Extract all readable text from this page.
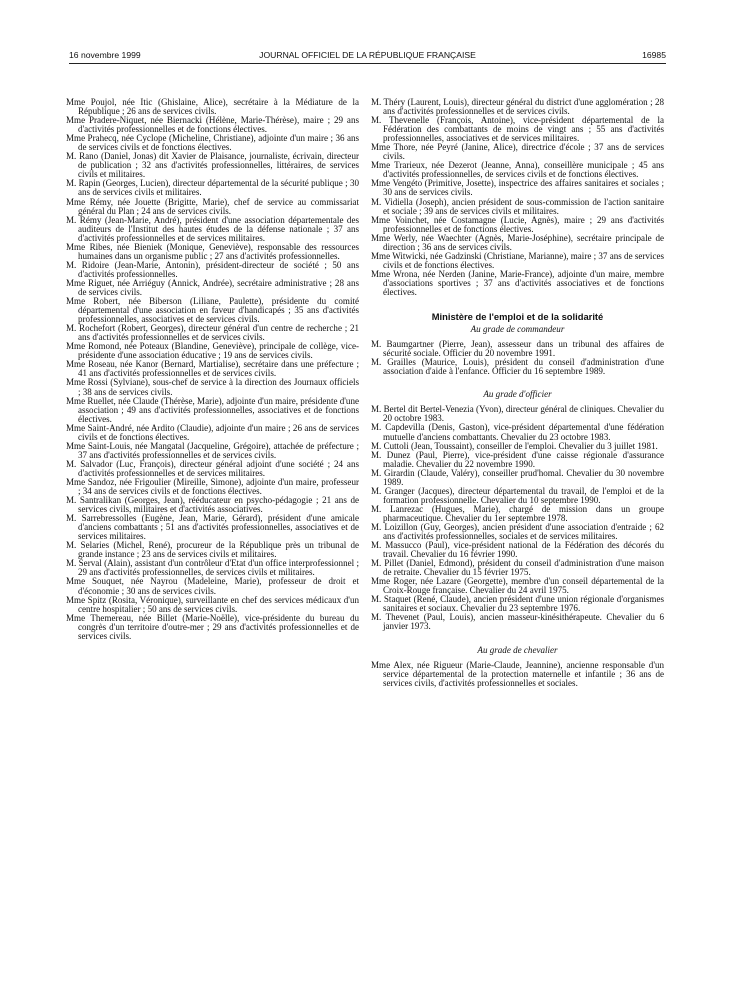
16 novembre 1999	JOURNAL OFFICIEL DE LA RÉPUBLIQUE FRANÇAISE	16985

Mme Poujol, née Itic (Ghislaine, Alice), secrétaire à la Médiature de la République ; 26 ans de services civils.

Mme Pradere-Niquet, née Biernacki (Hélène, Marie-Thérèse), maire ; 29 ans d'activités professionnelles et de fonctions électives.

Mme Prahecq, née Cyclope (Micheline, Christiane), adjointe d'un maire ; 36 ans de services civils et de fonctions électives.

M. Rano (Daniel, Jonas) dit Xavier de Plaisance, journaliste, écrivain, directeur de publication ; 32 ans d'activités professionnelles, littéraires, de services civils et militaires.

M. Rapin (Georges, Lucien), directeur départemental de la sécurité publique ; 30 ans de services civils et militaires.

Mme Rémy, née Jouette (Brigitte, Marie), chef de service au commissariat général du Plan ; 24 ans de services civils.

M. Rémy (Jean-Marie, André), président d'une association départementale des auditeurs de l'Institut des hautes études de la défense nationale ; 37 ans d'activités professionnelles et de services militaires.

Mme Ribes, née Bieniek (Monique, Geneviève), responsable des ressources humaines dans un organisme public ; 27 ans d'activités professionnelles.

M. Ridoire (Jean-Marie, Antonin), président-directeur de société ; 50 ans d'activités professionnelles.

Mme Riguet, née Arriéguy (Annick, Andrée), secrétaire administrative ; 28 ans de services civils.

Mme Robert, née Biberson (Liliane, Paulette), présidente du comité départemental d'une association en faveur d'handicapés ; 35 ans d'activités professionnelles, associatives et de services civils.

M. Rochefort (Robert, Georges), directeur général d'un centre de recherche ; 21 ans d'activités professionnelles et de services civils.

Mme Romond, née Poteaux (Blandine, Geneviève), principale de collège, vice-présidente d'une association éducative ; 19 ans de services civils.

Mme Roseau, née Kanor (Bernard, Martialise), secrétaire dans une préfecture ; 41 ans d'activités professionnelles et de services civils.

Mme Rossi (Sylviane), sous-chef de service à la direction des Journaux officiels ; 38 ans de services civils.

Mme Ruellet, née Claude (Thérèse, Marie), adjointe d'un maire, présidente d'une association ; 49 ans d'activités professionnelles, associatives et de fonctions électives.

Mme Saint-André, née Ardito (Claudie), adjointe d'un maire ; 26 ans de services civils et de fonctions électives.

Mme Saint-Louis, née Mangatal (Jacqueline, Grégoire), attachée de préfecture ; 37 ans d'activités professionnelles et de services civils.

M. Salvador (Luc, François), directeur général adjoint d'une société ; 24 ans d'activités professionnelles et de services militaires.

Mme Sandoz, née Frigoulier (Mireille, Simone), adjointe d'un maire, professeur ; 34 ans de services civils et de fonctions électives.

M. Santralikan (Georges, Jean), rééducateur en psycho-pédagogie ; 21 ans de services civils, militaires et d'activités associatives.

M. Sarrebressolles (Eugène, Jean, Marie, Gérard), président d'une amicale d'anciens combattants ; 51 ans d'activités professionnelles, associatives et de services militaires.

M. Selaries (Michel, René), procureur de la République près un tribunal de grande instance ; 23 ans de services civils et militaires.

M. Serval (Alain), assistant d'un contrôleur d'Etat d'un office interprofessionnel ; 29 ans d'activités professionnelles, de services civils et militaires.

Mme Souquet, née Nayrou (Madeleine, Marie), professeur de droit et d'économie ; 30 ans de services civils.

Mme Spitz (Rosita, Véronique), surveillante en chef des services médicaux d'un centre hospitalier ; 50 ans de services civils.

Mme Themereau, née Billet (Marie-Noëlle), vice-présidente du bureau du congrès d'un territoire d'outre-mer ; 29 ans d'activités professionnelles et de services civils.

M. Théry (Laurent, Louis), directeur général du district d'une agglomération ; 28 ans d'activités professionnelles et de services civils.

M. Thevenelle (François, Antoine), vice-président départemental de la Fédération des combattants de moins de vingt ans ; 55 ans d'activités professionnelles, associatives et de services militaires.

Mme Thore, née Peyré (Janine, Alice), directrice d'école ; 37 ans de services civils.

Mme Trarieux, née Dezerot (Jeanne, Anna), conseillère municipale ; 45 ans d'activités professionnelles, de services civils et de fonctions électives.

Mme Vengéto (Primitive, Josette), inspectrice des affaires sanitaires et sociales ; 30 ans de services civils.

M. Vidiella (Joseph), ancien président de sous-commission de l'action sanitaire et sociale ; 39 ans de services civils et militaires.

Mme Voinchet, née Costamagne (Lucie, Agnès), maire ; 29 ans d'activités professionnelles et de fonctions électives.

Mme Werly, née Waechter (Agnès, Marie-Joséphine), secrétaire principale de direction ; 36 ans de services civils.

Mme Witwicki, née Gadzinski (Christiane, Marianne), maire ; 37 ans de services civils et de fonctions électives.

Mme Wrona, née Nerden (Janine, Marie-France), adjointe d'un maire, membre d'associations sportives ; 37 ans d'activités associatives et de fonctions électives.

Ministère de l'emploi et de la solidarité
Au grade de commandeur

M. Baumgartner (Pierre, Jean), assesseur dans un tribunal des affaires de sécurité sociale. Officier du 20 novembre 1991.

M. Grailles (Maurice, Louis), président du conseil d'administration d'une association d'aide à l'enfance. Officier du 16 septembre 1989.

Au grade d'officier

M. Bertel dit Bertel-Venezia (Yvon), directeur général de cliniques. Chevalier du 20 octobre 1983.

M. Capdevilla (Denis, Gaston), vice-président départemental d'une fédération mutuelle d'anciens combattants. Chevalier du 23 octobre 1983.

M. Cuttoli (Jean, Toussaint), conseiller de l'emploi. Chevalier du 3 juillet 1981.

M. Dunez (Paul, Pierre), vice-président d'une caisse régionale d'assurance maladie. Chevalier du 22 novembre 1990.

M. Girardin (Claude, Valéry), conseiller prud'homal. Chevalier du 30 novembre 1989.

M. Granger (Jacques), directeur départemental du travail, de l'emploi et de la formation professionnelle. Chevalier du 10 septembre 1990.

M. Lanrezac (Hugues, Marie), chargé de mission dans un groupe pharmaceutique. Chevalier du 1er septembre 1978.

M. Loizillon (Guy, Georges), ancien président d'une association d'entraide ; 62 ans d'activités professionnelles, sociales et de services militaires.

M. Massucco (Paul), vice-président national de la Fédération des décorés du travail. Chevalier du 16 février 1990.

M. Pillet (Daniel, Edmond), président du conseil d'administration d'une maison de retraite. Chevalier du 15 février 1975.

Mme Roger, née Lazare (Georgette), membre d'un conseil départemental de la Croix-Rouge française. Chevalier du 24 avril 1975.

M. Staquet (René, Claude), ancien président d'une union régionale d'organismes sanitaires et sociaux. Chevalier du 23 septembre 1976.

M. Thevenet (Paul, Louis), ancien masseur-kinésithérapeute. Chevalier du 6 janvier 1973.

Au grade de chevalier

Mme Alex, née Rigueur (Marie-Claude, Jeannine), ancienne responsable d'un service départemental de la protection maternelle et infantile ; 36 ans de services civils, d'activités professionnelles et sociales.
